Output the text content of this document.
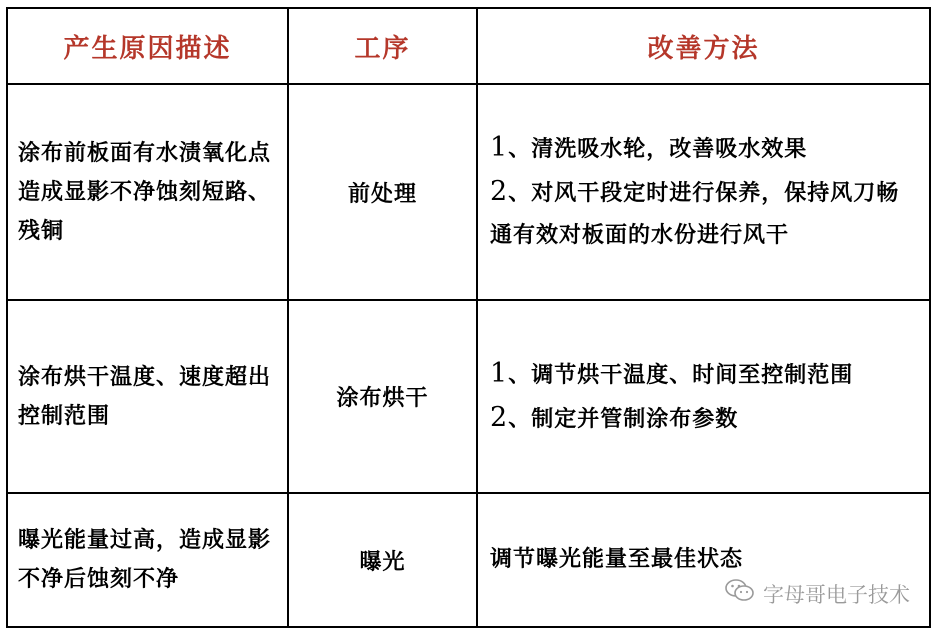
产生原因描述	工序	改善方法
涂布前板面有水渍氧化点造成显影不净蚀刻短路、残铜	前处理	1、清洗吸水轮，改善吸水效果
2、对风干段定时进行保养，保持风刀畅通有效对板面的水份进行风干

涂布烘干温度、速度超出控制范围	涂布烘干	1、调节烘干温度、时间至控制范围
2、制定并管制涂布参数

曝光能量过高，造成显影不净后蚀刻不净	曝光	调节曝光能量至最佳状态
字母哥电子技术
